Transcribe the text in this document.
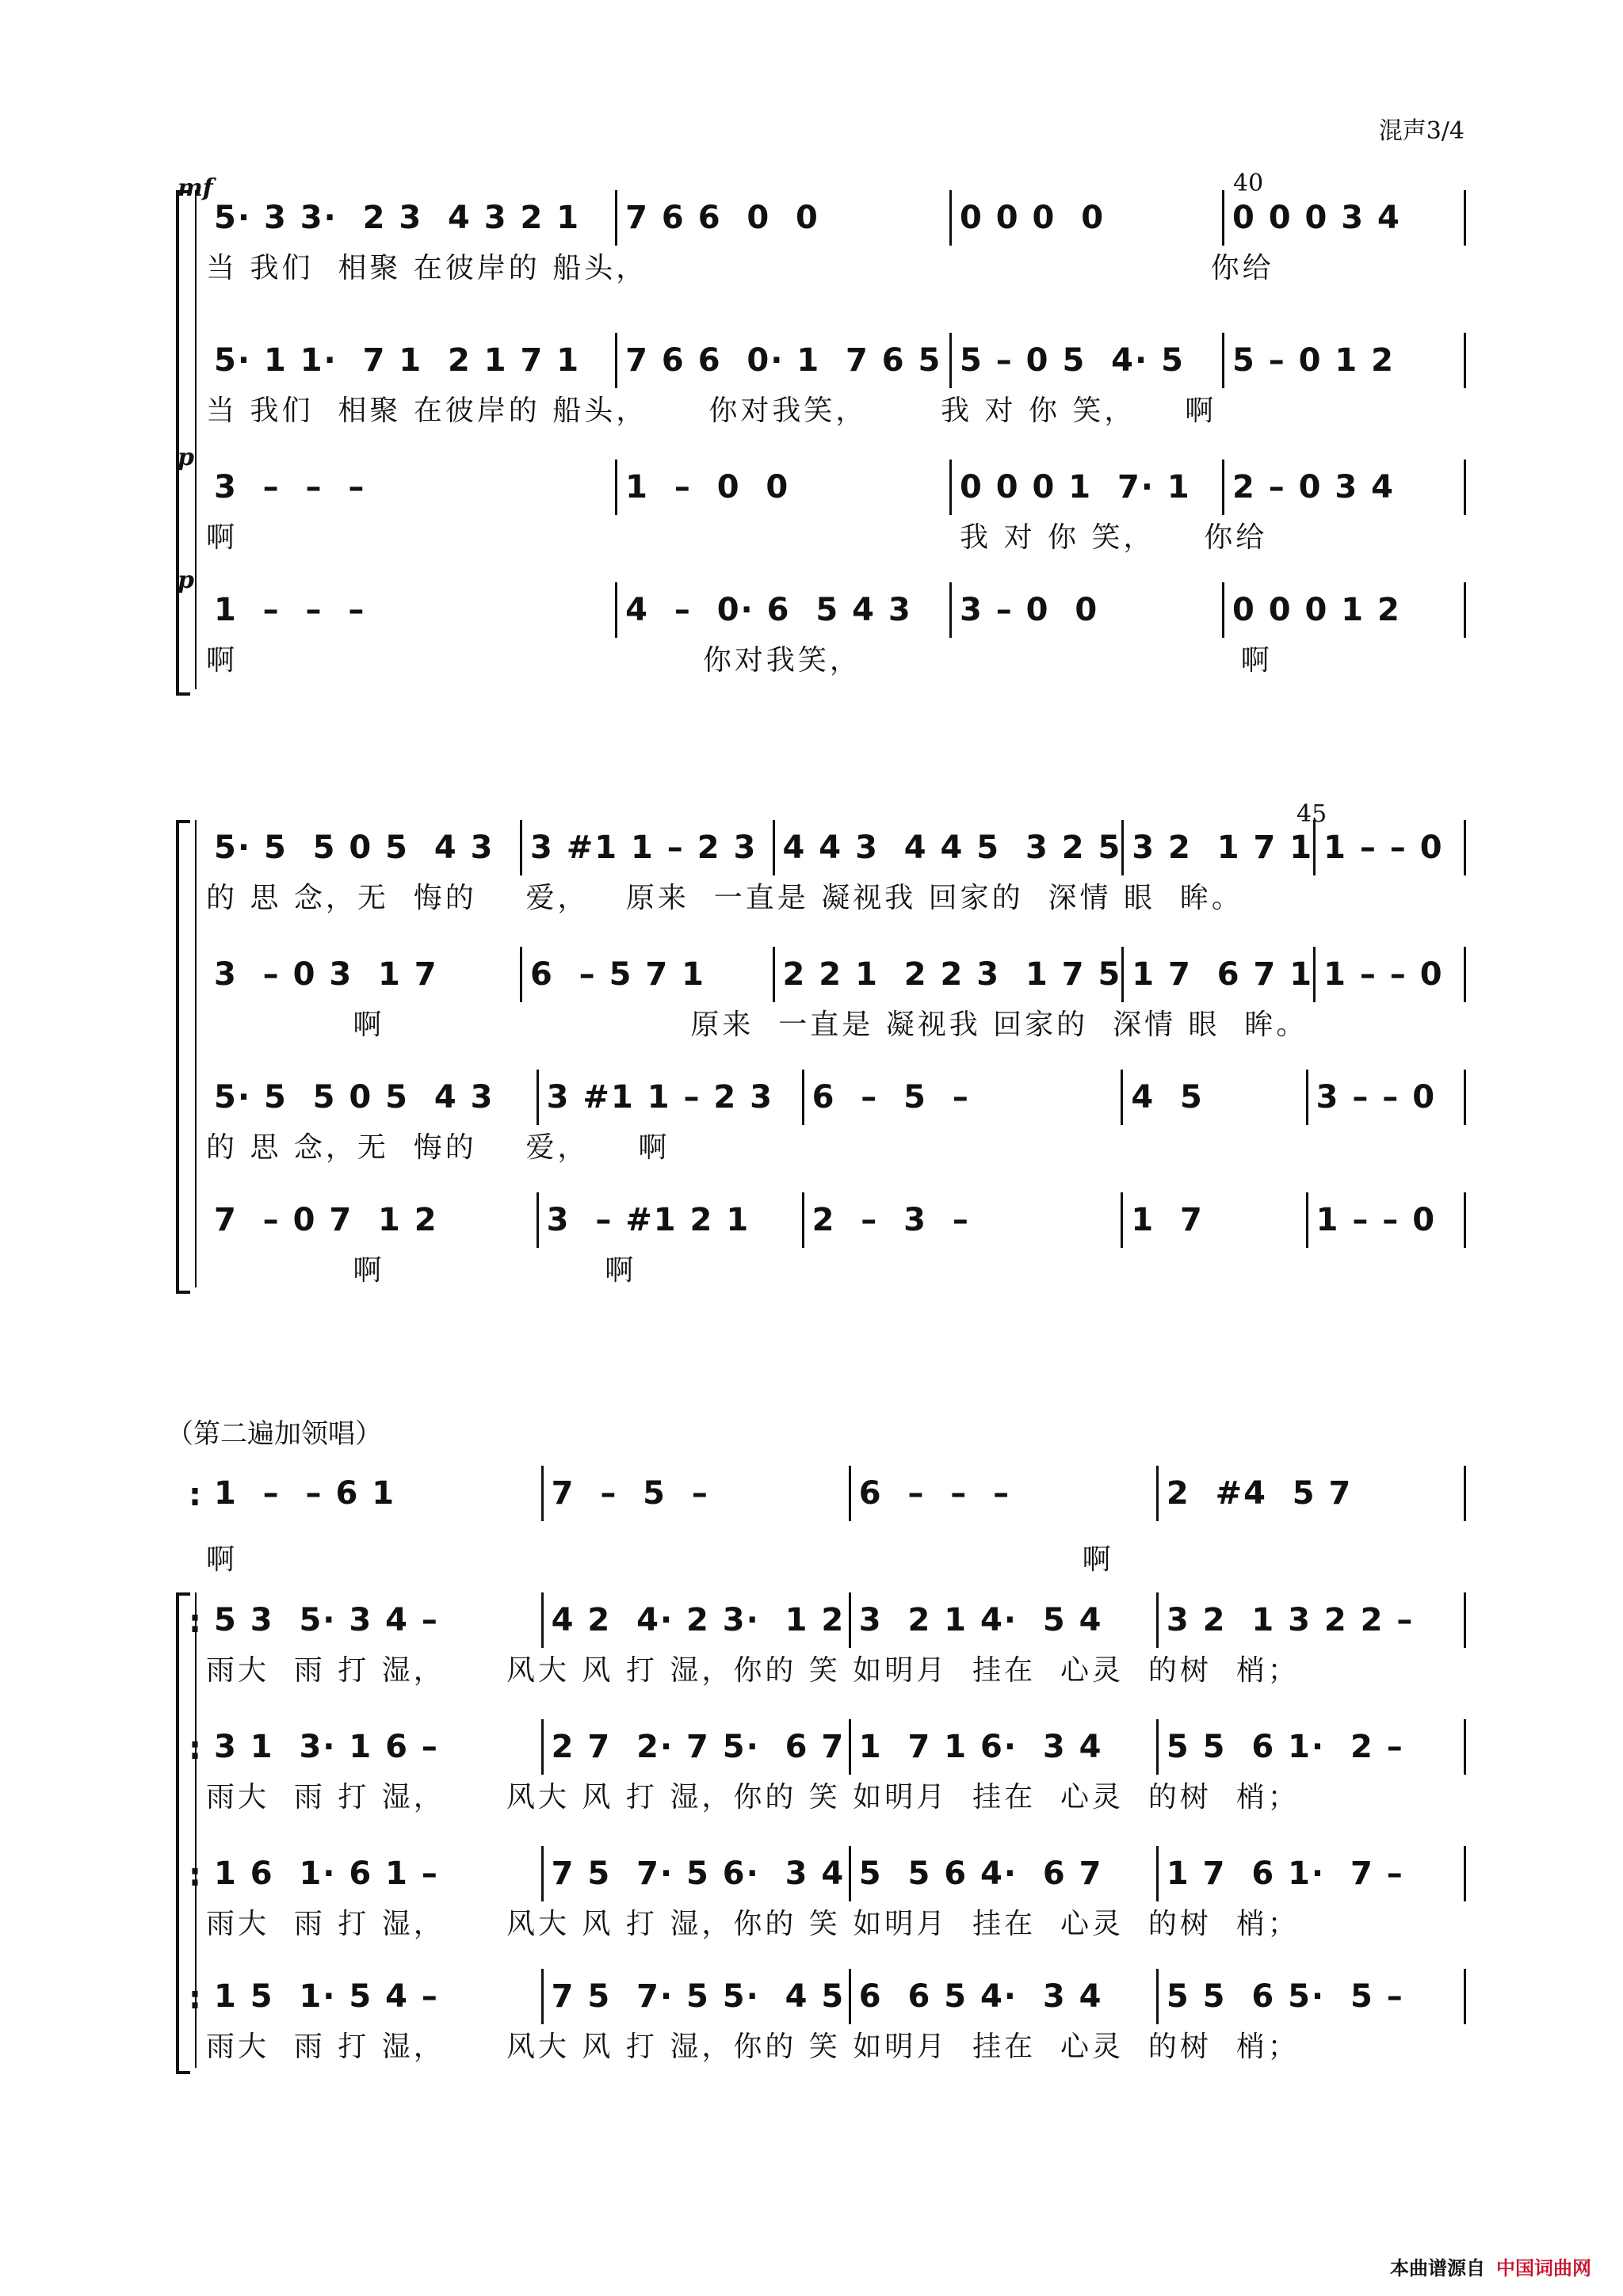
混声3/4
40
45
mf
5· 3 3·  2 3  4 3 2 1	7 6 6  0  0	0 0 0  0	0 0 0 3 4
当 我们  相聚 在彼岸的 船头，                                              你给
5· 1 1·  7 1  2 1 7 1	7 6 6  0· 1  7 6 5 5 – 0 5  4· 5	5 – 0 1 2
当 我们  相聚 在彼岸的 船头，     你对我笑，      我 对 你 笑，    啊
p
3  –  –  –	1  –  0  0	0 0 0 1  7· 1	2 – 0 3 4
啊                                                           我 对 你 笑，    你给
p
1  –  –  –	4  –  0· 6  5 4 3	3 – 0  0	0 0 0 1 2
啊                                      你对我笑，                               啊
5· 5  5 0 5  4 3	3 #1 1 – 2 3 4 4 3  4 4 5  3 2 5 3 2  1 7 1 1 – – 0
的 思 念，无  悔的    爱，   原来  一直是 凝视我 回家的  深情 眼  眸。
3  – 0 3  1 7	6  – 5 7 1	2 2 1  2 2 3  1 7 5 1 7  6 7 1 1 – – 0
啊                         原来  一直是 凝视我 回家的  深情 眼  眸。
5· 5  5 0 5  4 3	3 #1 1 – 2 3	6  –  5  –	4  5	3 – – 0
的 思 念，无  悔的    爱，    啊
7  – 0 7  1 2	3  – #1 2 1	2  –  3  –	1  7	1 – – 0
啊                  啊
（第二遍加领唱）
: 1  –  – 6 1	7  –  5  –	6  –  –  –	2  #4  5 7
啊                                                                     啊
: 5 3  5· 3 4 –	4 2  4· 2 3·  1 2 3  2 1 4·  5 4	3 2  1 3 2 2 –
雨大  雨 打 湿，     风大 风 打 湿，你的 笑 如明月  挂在  心灵  的树  梢；
: 3 1  3· 1 6 –	2 7  2· 7 5·  6 7 1  7 1 6·  3 4	5 5  6 1·  2 –
雨大  雨 打 湿，     风大 风 打 湿，你的 笑 如明月  挂在  心灵  的树  梢；
: 1 6  1· 6 1 –	7 5  7· 5 6·  3 4 5  5 6 4·  6 7	1 7  6 1·  7 –
雨大  雨 打 湿，     风大 风 打 湿，你的 笑 如明月  挂在  心灵  的树  梢；
: 1 5  1· 5 4 –	7 5  7· 5 5·  4 5 6  6 5 4·  3 4	5 5  6 5·  5 –
雨大  雨 打 湿，     风大 风 打 湿，你的 笑 如明月  挂在  心灵  的树  梢；
本曲谱源自 中国词曲网
